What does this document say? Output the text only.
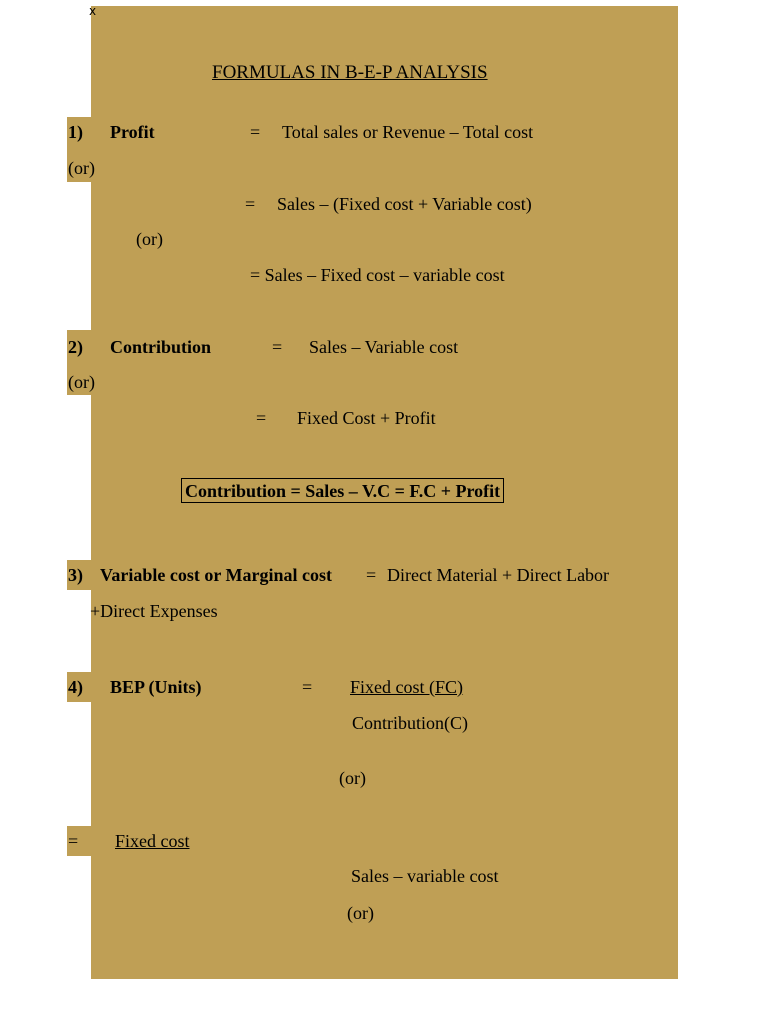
x
FORMULAS IN B-E-P ANALYSIS
1) Profit	= Total sales or Revenue – Total cost
(or)
= Sales – (Fixed cost + Variable cost)
(or)
= Sales – Fixed cost – variable cost
2) Contribution	= Sales – Variable cost
(or)
= Fixed Cost + Profit
Contribution = Sales – V.C = F.C + Profit
3) Variable cost or Marginal cost = Direct Material + Direct Labor
+Direct Expenses
4) BEP (Units)	= Fixed cost (FC)
Contribution(C)
(or)
= Fixed cost
Sales – variable cost
(or)
